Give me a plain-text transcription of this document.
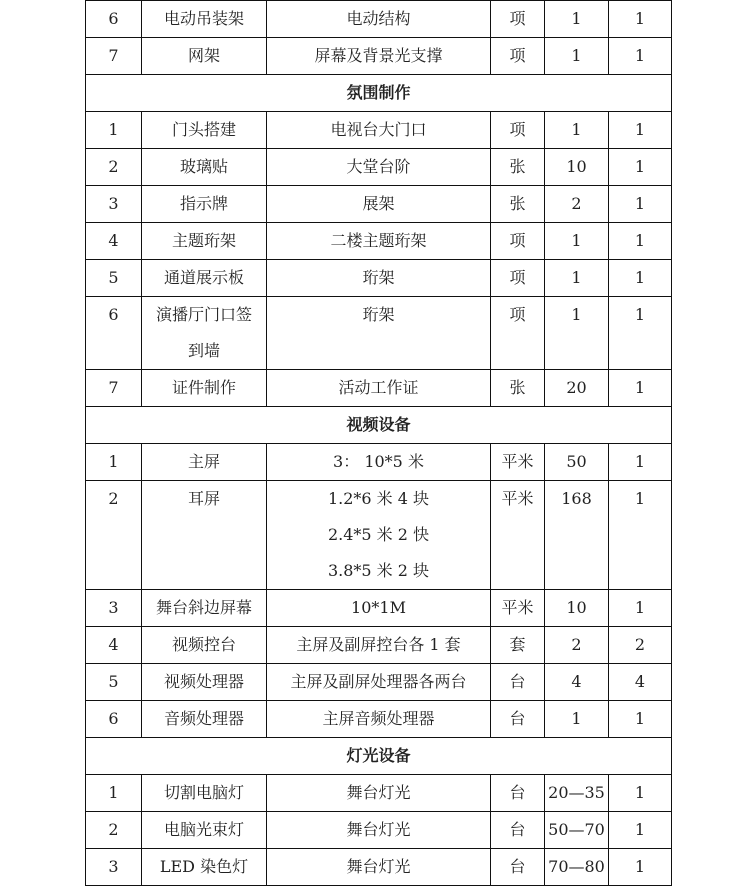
6	电动吊装架	电动结构	项	1	1

7	网架	屏幕及背景光支撑	项	1	1

氛围制作					

1	门头搭建	电视台大门口	项	1	1

2	玻璃贴	大堂台阶	张	10	1

3	指示牌	展架	张	2	1

4	主题珩架	二楼主题珩架	项	1	1

5	通道展示板	珩架	项	1	1

6	演播厅门口签
到墙	珩架	项	1	1

7	证件制作	活动工作证	张	20	1

视频设备					

1	主屏	3： 10*5 米	平米	50	1

2	耳屏	1.2*6 米 4 块
2.4*5 米 2 快
3.8*5 米 2 块	平米	168	1

3	舞台斜边屏幕	10*1M	平米	10	1

4	视频控台	主屏及副屏控台各 1 套	套	2	2

5	视频处理器	主屏及副屏处理器各两台	台	4	4

6	音频处理器	主屏音频处理器	台	1	1

灯光设备					

1	切割电脑灯	舞台灯光	台	20—35	1

2	电脑光束灯	舞台灯光	台	50—70	1

3	LED 染色灯	舞台灯光	台	70—80	1
